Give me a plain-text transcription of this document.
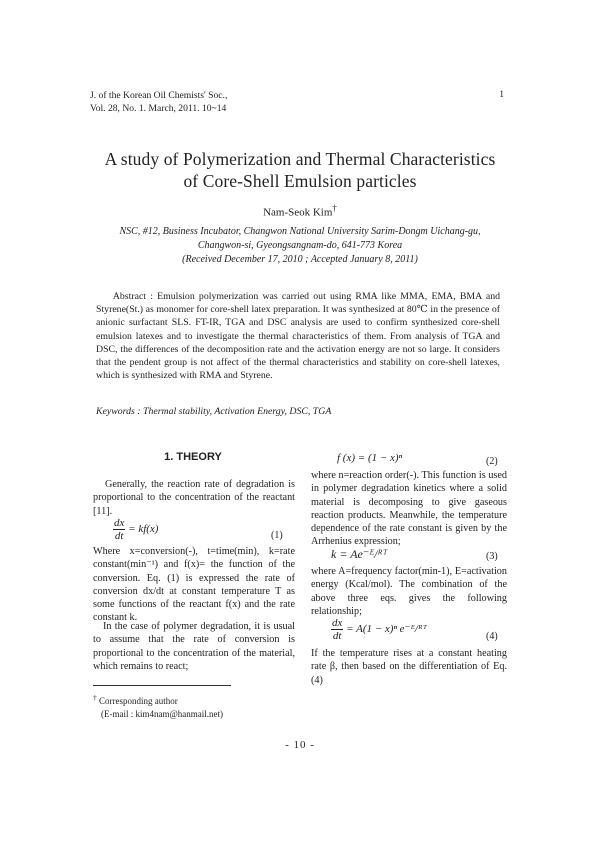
J. of the Korean Oil Chemists' Soc.,
Vol. 28, No. 1. March, 2011. 10~14
1
A study of Polymerization and Thermal Characteristics
of Core-Shell Emulsion particles
Nam-Seok Kim†
NSC, #12, Business Incubator, Changwon National University Sarim-Dongm Uichang-gu,
Changwon-si, Gyeongsangnam-do, 641-773 Korea
(Received December 17, 2010 ; Accepted January 8, 2011)
Abstract : Emulsion polymerization was carried out using RMA like MMA, EMA, BMA and Styrene(St.) as monomer for core-shell latex preparation. It was synthesized at 80℃ in the presence of anionic surfactant SLS. FT-IR, TGA and DSC analysis are used to confirm synthesized core-shell emulsion latexes and to investigate the thermal characteristics of them. From analysis of TGA and DSC, the differences of the decomposition rate and the activation energy are not so large. It considers that the pendent group is not affect of the thermal characteristics and stability on core-shell latexes, which is synthesized with RMA and Styrene.
Keywords : Thermal stability, Activation Energy, DSC, TGA
1. THEORY

Generally, the reaction rate of degradation is proportional to the concentration of the reactant [11].

$\frac{dx}{dt} = kf(x)$
(1)

Where x=conversion(-), t=time(min), k=rate constant(min⁻¹) and f(x)= the function of the conversion. Eq. (1) is expressed the rate of conversion dx/dt at constant temperature T as some functions of the reactant f(x) and the rate constant k.

In the case of polymer degradation, it is usual to assume that the rate of conversion is proportional to the concentration of the material, which remains to react;

f (x) = (1 − x)ⁿ	(2)

where n=reaction order(-). This function is used in polymer degradation kinetics where a solid material is decomposing to give gaseous reaction products. Meanwhile, the temperature dependence of the rate constant is given by the Arrhenius expression;

k = Ae⁻ᴱ/ᴿᵀ	(3)

where A=frequency factor(min-1), E=activation energy (Kcal/mol). The combination of the above three eqs. gives the following relationship;

$\frac{dx}{dt} = A(1 - x)^n$ e⁻ᴱ/ᴿᵀ
(4)

If the temperature rises at a constant heating rate β, then based on the differentiation of Eq. (4)

† Corresponding author
(E-mail : kim4nam@hanmail.net)
- 10 -
